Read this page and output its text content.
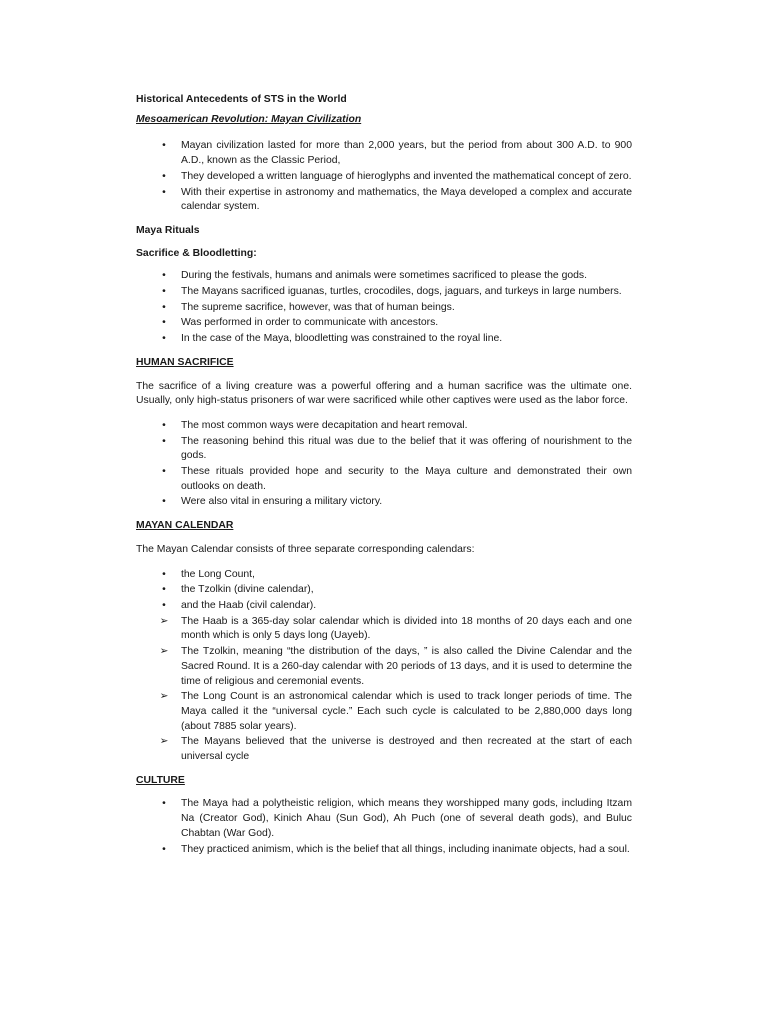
Historical Antecedents of STS in the World
Mesoamerican Revolution: Mayan Civilization
•	Mayan civilization lasted for more than 2,000 years, but the period from about 300 A.D. to 900 A.D., known as the Classic Period,
•	They developed a written language of hieroglyphs and invented the mathematical concept of zero.
•	With their expertise in astronomy and mathematics, the Maya developed a complex and accurate calendar system.
Maya Rituals
Sacrifice & Bloodletting:
•	During the festivals, humans and animals were sometimes sacrificed to please the gods.
•	The Mayans sacrificed iguanas, turtles, crocodiles, dogs, jaguars, and turkeys in large numbers.
•	The supreme sacrifice, however, was that of human beings.
•	Was performed in order to communicate with ancestors.
•	In the case of the Maya, bloodletting was constrained to the royal line.
HUMAN SACRIFICE

The sacrifice of a living creature was a powerful offering and a human sacrifice was the ultimate one. Usually, only high-status prisoners of war were sacrificed while other captives were used as the labor force.

•	The most common ways were decapitation and heart removal.
•	The reasoning behind this ritual was due to the belief that it was offering of nourishment to the gods.
•	These rituals provided hope and security to the Maya culture and demonstrated their own outlooks on death.
•	Were also vital in ensuring a military victory.
MAYAN CALENDAR

The Mayan Calendar consists of three separate corresponding calendars:

•	the Long Count,
•	the Tzolkin (divine calendar),
•	and the Haab (civil calendar).
➢ The Haab is a 365-day solar calendar which is divided into 18 months of 20 days each and one month which is only 5 days long (Uayeb).
➢ The Tzolkin, meaning “the distribution of the days, ” is also called the Divine Calendar and the Sacred Round. It is a 260-day calendar with 20 periods of 13 days, and it is used to determine the time of religious and ceremonial events.
➢ The Long Count is an astronomical calendar which is used to track longer periods of time. The Maya called it the “universal cycle.” Each such cycle is calculated to be 2,880,000 days long (about 7885 solar years).
➢ The Mayans believed that the universe is destroyed and then recreated at the start of each universal cycle
CULTURE
•	The Maya had a polytheistic religion, which means they worshipped many gods, including Itzam Na (Creator God), Kinich Ahau (Sun God), Ah Puch (one of several death gods), and Buluc Chabtan (War God).
•	They practiced animism, which is the belief that all things, including inanimate objects, had a soul.
